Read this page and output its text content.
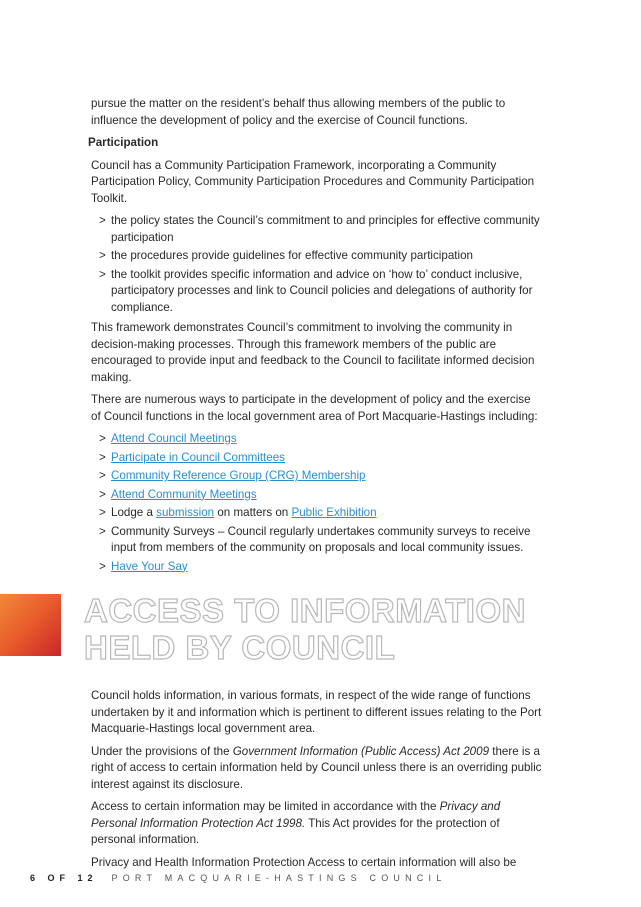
pursue the matter on the resident’s behalf thus allowing members of the public to influence the development of policy and the exercise of Council functions.

Participation

Council has a Community Participation Framework, incorporating a Community Participation Policy, Community Participation Procedures and Community Participation Toolkit.

> the policy states the Council’s commitment to and principles for effective community participation
> the procedures provide guidelines for effective community participation
> the toolkit provides specific information and advice on ‘how to’ conduct inclusive, participatory processes and link to Council policies and delegations of authority for compliance.

This framework demonstrates Council’s commitment to involving the community in decision-making processes. Through this framework members of the public are encouraged to provide input and feedback to the Council to facilitate informed decision making.

There are numerous ways to participate in the development of policy and the exercise of Council functions in the local government area of Port Macquarie-Hastings including:

> Attend Council Meetings
> Participate in Council Committees
> Community Reference Group (CRG) Membership
> Attend Community Meetings
> Lodge a submission on matters on Public Exhibition
> Community Surveys – Council regularly undertakes community surveys to receive input from members of the community on proposals and local community issues.
> Have Your Say
ACCESS TO INFORMATION
HELD BY COUNCIL

Council holds information, in various formats, in respect of the wide range of functions undertaken by it and information which is pertinent to different issues relating to the Port Macquarie-Hastings local government area.

Under the provisions of the Government Information (Public Access) Act 2009 there is a right of access to certain information held by Council unless there is an overriding public interest against its disclosure.

Access to certain information may be limited in accordance with the Privacy and Personal Information Protection Act 1998. This Act provides for the protection of personal information.

Privacy and Health Information Protection Access to certain information will also be

6 OF 12 PORT MACQUARIE-HASTINGS COUNCIL
